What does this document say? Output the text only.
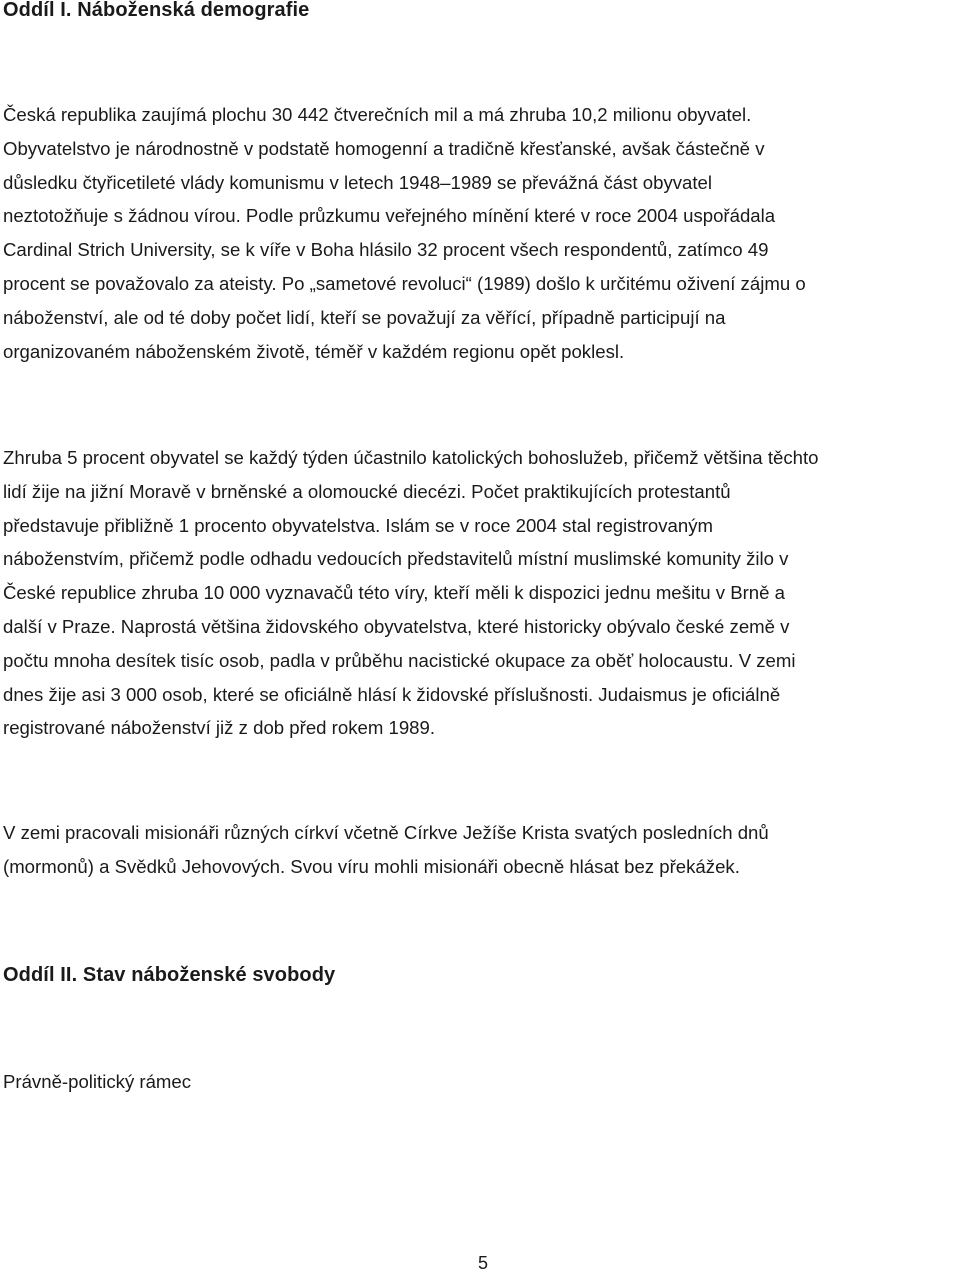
Oddíl I. Náboženská demografie
Česká republika zaujímá plochu 30 442 čtverečních mil a má zhruba 10,2 milionu obyvatel.
Obyvatelstvo je národnostně v podstatě homogenní a tradičně křesťanské, avšak částečně v
důsledku čtyřicetileté vlády komunismu v letech 1948–1989 se převážná část obyvatel
neztotožňuje s žádnou vírou. Podle průzkumu veřejného mínění které v roce 2004 uspořádala
Cardinal Strich University, se k víře v Boha hlásilo 32 procent všech respondentů, zatímco 49
procent se považovalo za ateisty. Po „sametové revoluci“ (1989) došlo k určitému oživení zájmu o
náboženství, ale od té doby počet lidí, kteří se považují za věřící, případně participují na
organizovaném náboženském životě, téměř v každém regionu opět poklesl.
Zhruba 5 procent obyvatel se každý týden účastnilo katolických bohoslužeb, přičemž většina těchto
lidí žije na jižní Moravě v brněnské a olomoucké diecézi. Počet praktikujících protestantů
představuje přibližně 1 procento obyvatelstva. Islám se v roce 2004 stal registrovaným
náboženstvím, přičemž podle odhadu vedoucích představitelů místní muslimské komunity žilo v
České republice zhruba 10 000 vyznavačů této víry, kteří měli k dispozici jednu mešitu v Brně a
další v Praze. Naprostá většina židovského obyvatelstva, které historicky obývalo české země v
počtu mnoha desítek tisíc osob, padla v průběhu nacistické okupace za oběť holocaustu. V zemi
dnes žije asi 3 000 osob, které se oficiálně hlásí k židovské příslušnosti. Judaismus je oficiálně
registrované náboženství již z dob před rokem 1989.
V zemi pracovali misionáři různých církví včetně Církve Ježíše Krista svatých posledních dnů
(mormonů) a Svědků Jehovových. Svou víru mohli misionáři obecně hlásat bez překážek.
Oddíl II. Stav náboženské svobody
Právně-politický rámec
5
